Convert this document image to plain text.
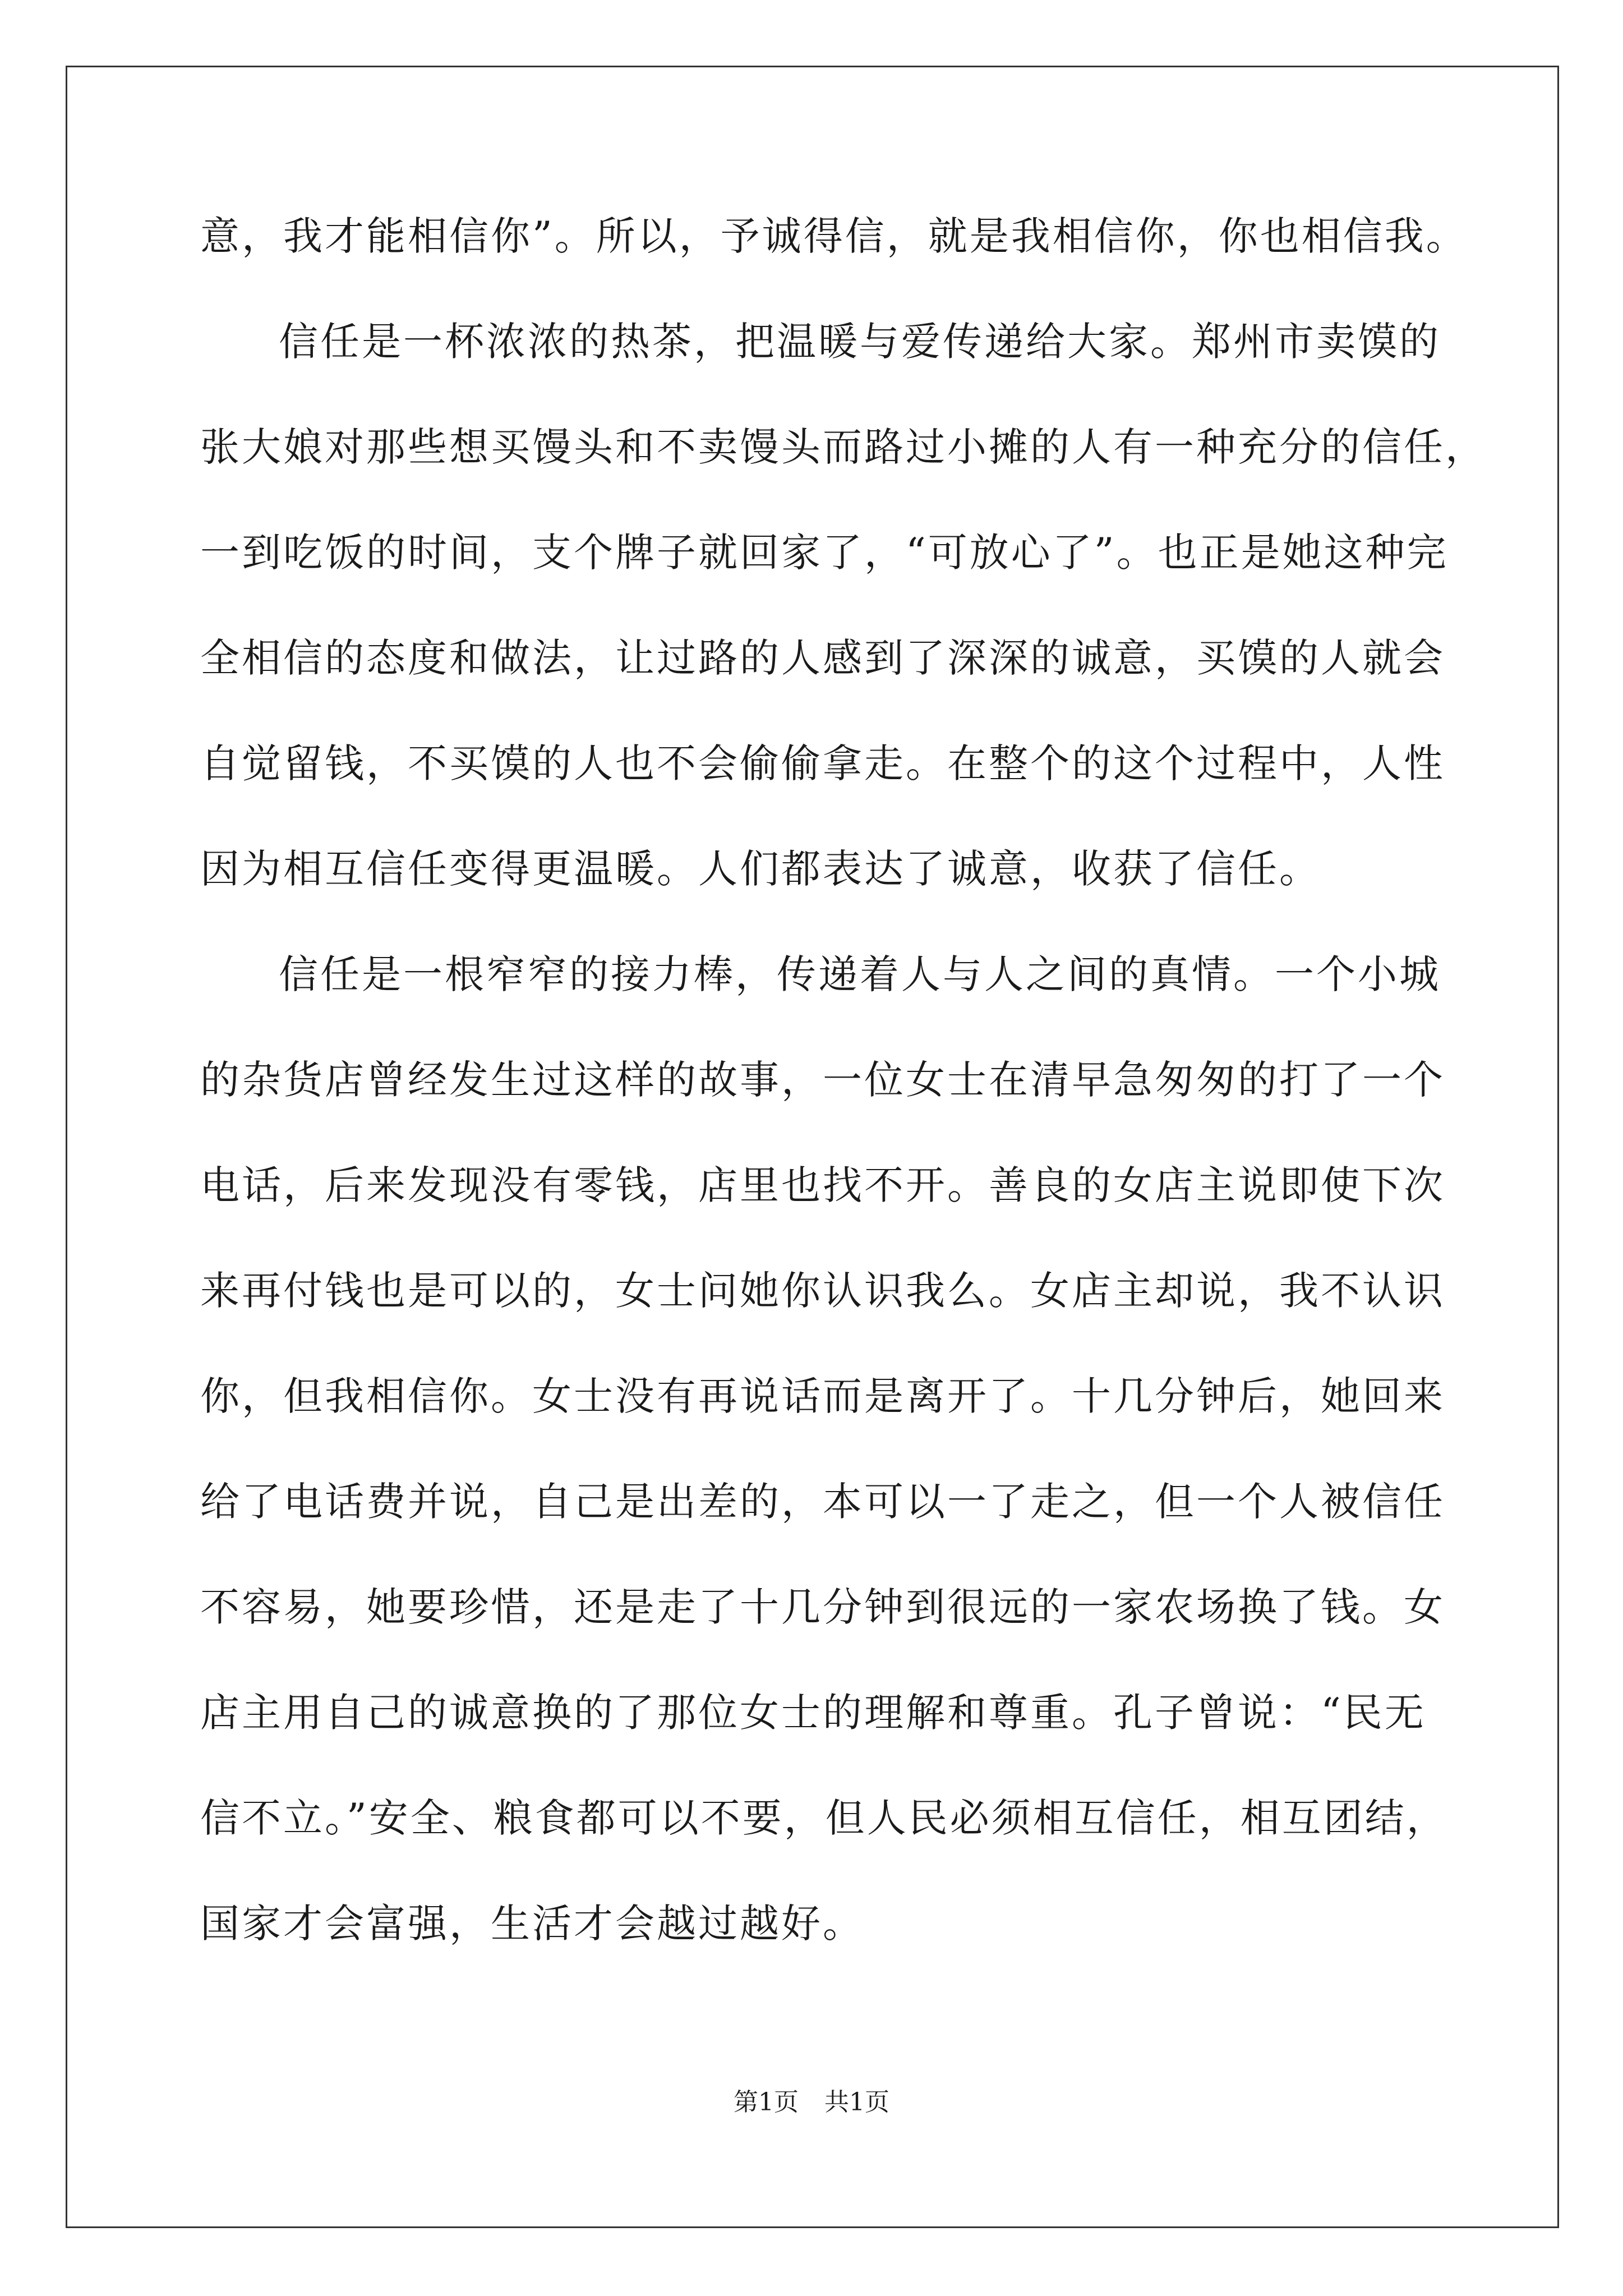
意，我才能相信你”。所以，予诚得信，就是我相信你，你也相信我。
信任是一杯浓浓的热茶，把温暖与爱传递给大家。郑州市卖馍的
张大娘对那些想买馒头和不卖馒头而路过小摊的人有一种充分的信任，
一到吃饭的时间，支个牌子就回家了，“可放心了”。也正是她这种完
全相信的态度和做法，让过路的人感到了深深的诚意，买馍的人就会
自觉留钱，不买馍的人也不会偷偷拿走。在整个的这个过程中，人性
因为相互信任变得更温暖。人们都表达了诚意，收获了信任。
信任是一根窄窄的接力棒，传递着人与人之间的真情。一个小城
的杂货店曾经发生过这样的故事，一位女士在清早急匆匆的打了一个
电话，后来发现没有零钱，店里也找不开。善良的女店主说即使下次
来再付钱也是可以的，女士问她你认识我么。女店主却说，我不认识
你，但我相信你。女士没有再说话而是离开了。十几分钟后，她回来
给了电话费并说，自己是出差的，本可以一了走之，但一个人被信任
不容易，她要珍惜，还是走了十几分钟到很远的一家农场换了钱。女
店主用自己的诚意换的了那位女士的理解和尊重。孔子曾说：“民无
信不立。”安全、粮食都可以不要，但人民必须相互信任，相互团结，
国家才会富强，生活才会越过越好。
第1页 共1页
